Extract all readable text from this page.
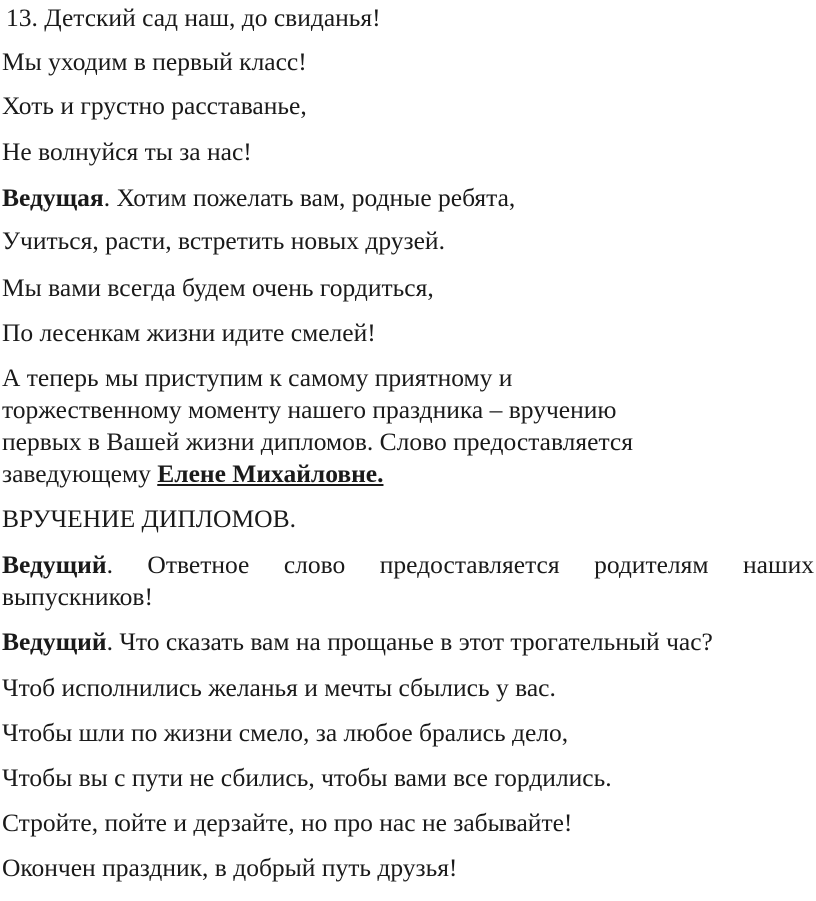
13. Детский сад наш, до свиданья!
Мы уходим в первый класс!
Хоть и грустно расставанье,
Не волнуйся ты за нас!
Ведущая. Хотим пожелать вам, родные ребята,
Учиться, расти, встретить новых друзей.
Мы вами всегда будем очень гордиться,
По лесенкам жизни идите смелей!
А теперь мы приступим к самому приятному и торжественному моменту нашего праздника – вручению первых в Вашей жизни дипломов. Слово предоставляется заведующему Елене Михайловне.
ВРУЧЕНИЕ ДИПЛОМОВ.
Ведущий. Ответное слово предоставляется родителям наших выпускников!
Ведущий. Что сказать вам на прощанье в этот трогательный час?
Чтоб исполнились желанья и мечты сбылись у вас.
Чтобы шли по жизни смело, за любое брались дело,
Чтобы вы с пути не сбились, чтобы вами все гордились.
Стройте, пойте и дерзайте, но про нас не забывайте!
Окончен праздник, в добрый путь друзья!
